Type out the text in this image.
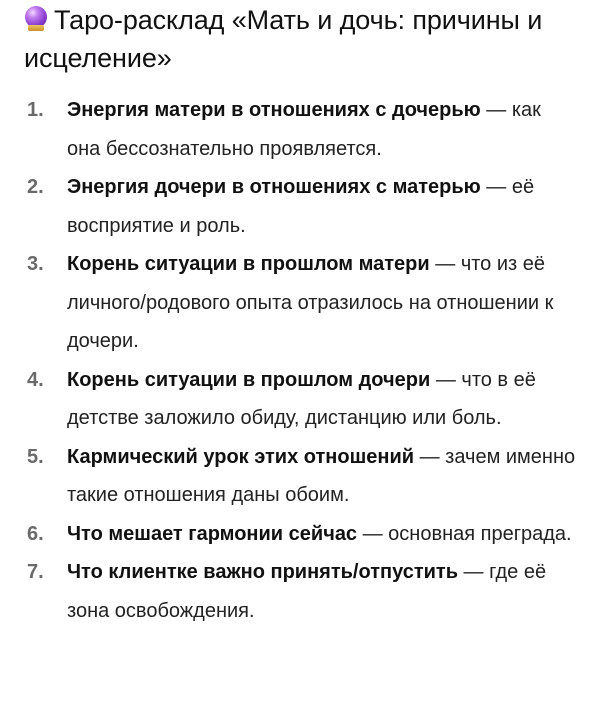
Таро-расклад «Мать и дочь: причины и исцеление»
1. Энергия матери в отношениях с дочерью — как она бессознательно проявляется.
2. Энергия дочери в отношениях с матерью — её восприятие и роль.
3. Корень ситуации в прошлом матери — что из её личного/родового опыта отразилось на отношении к дочери.
4. Корень ситуации в прошлом дочери — что в её детстве заложило обиду, дистанцию или боль.
5. Кармический урок этих отношений — зачем именно такие отношения даны обоим.
6. Что мешает гармонии сейчас — основная преграда.
7. Что клиентке важно принять/отпустить — где её зона освобождения.
